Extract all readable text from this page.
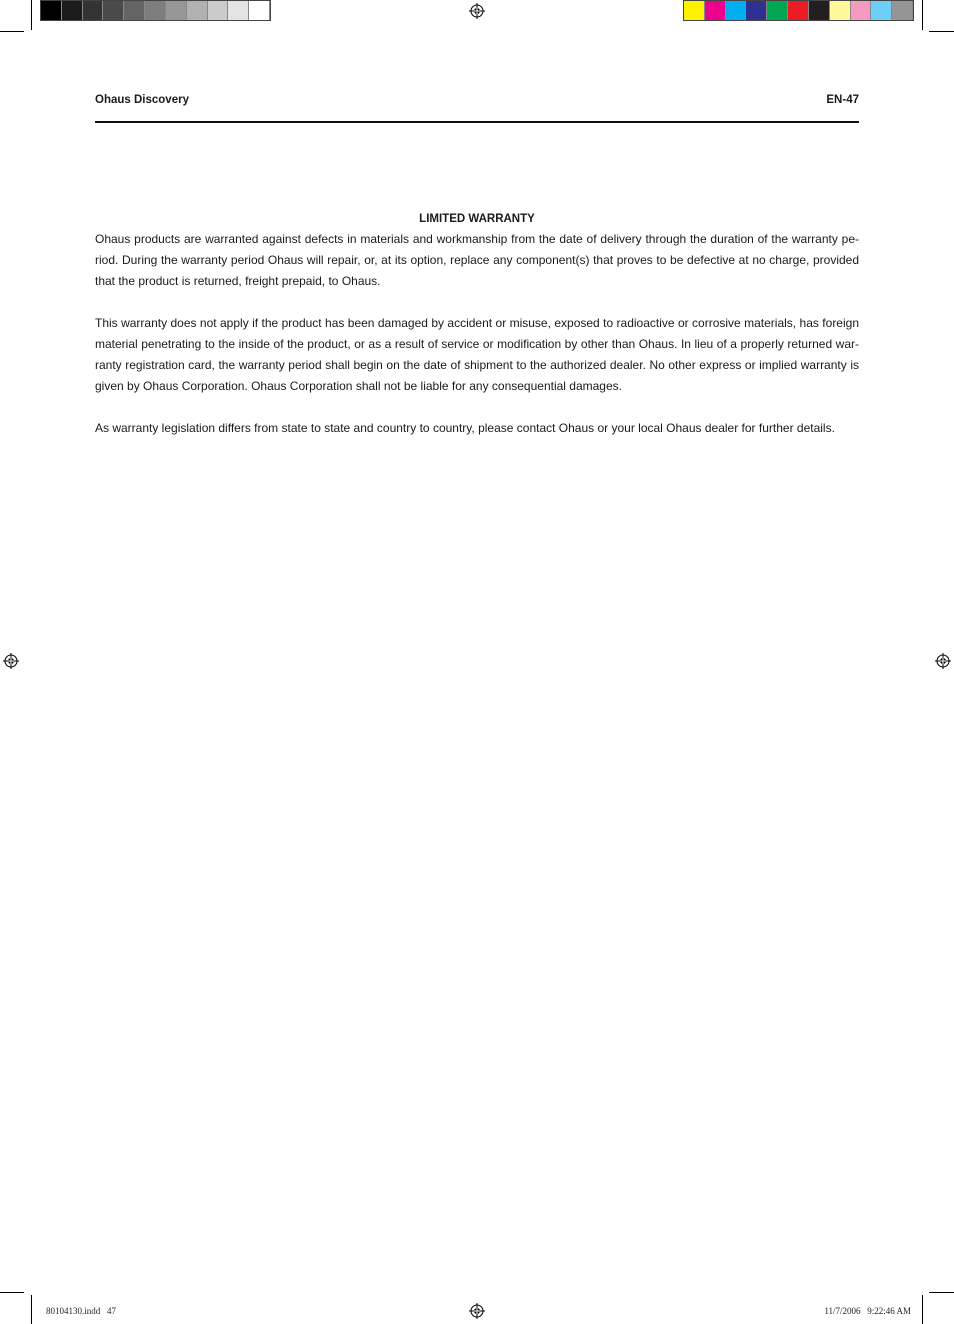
Ohaus Discovery	EN-47
LIMITED WARRANTY

Ohaus products are warranted against defects in materials and workmanship from the date of delivery through the duration of the warranty pe-riod. During the warranty period Ohaus will repair, or, at its option, replace any component(s) that proves to be defective at no charge, provided that the product is returned, freight prepaid, to Ohaus.

This warranty does not apply if the product has been damaged by accident or misuse, exposed to radioactive or corrosive materials, has foreign material penetrating to the inside of the product, or as a result of service or modification by other than Ohaus. In lieu of a properly returned war-ranty registration card, the warranty period shall begin on the date of shipment to the authorized dealer. No other express or implied warranty is given by Ohaus Corporation. Ohaus Corporation shall not be liable for any consequential damages.

As warranty legislation differs from state to state and country to country, please contact Ohaus or your local Ohaus dealer for further details.

80104130.indd   47	11/7/2006   9:22:46 AM
